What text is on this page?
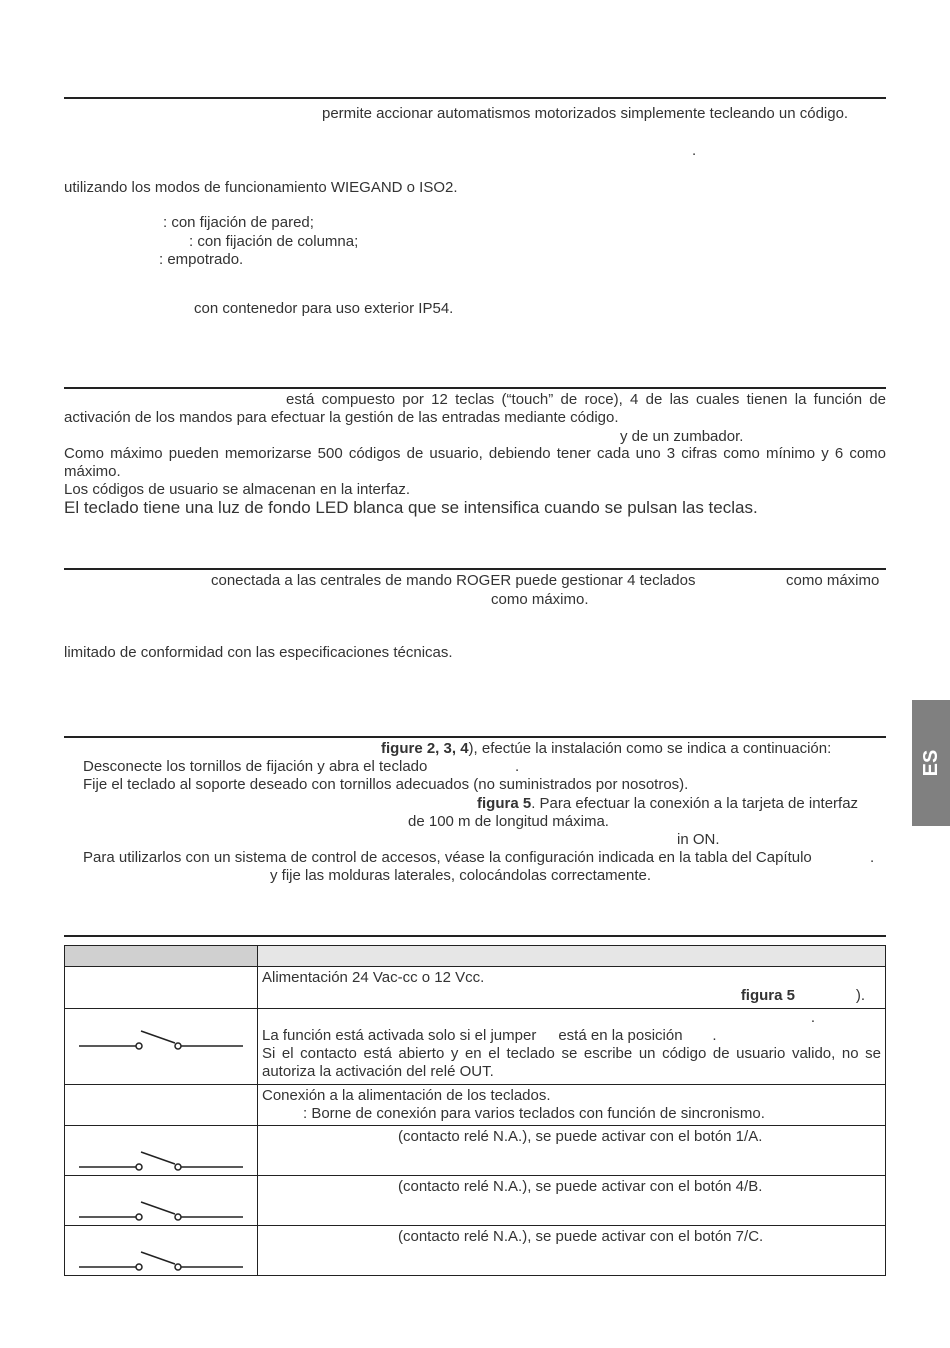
permite accionar automatismos motorizados simplemente tecleando un código.
.
utilizando los modos de funcionamiento WIEGAND o ISO2.
: con fijación de pared;
: con fijación de columna;
: empotrado.
con contenedor para uso exterior IP54.
está compuesto por 12 teclas (“touch” de roce), 4 de las cuales tienen la función de
activación de los mandos para efectuar la gestión de las entradas mediante código.
y de un zumbador.
Como máximo pueden memorizarse 500 códigos de usuario, debiendo tener cada uno 3 cifras como mínimo y 6 como
máximo.
Los códigos de usuario se almacenan en la interfaz.
El teclado tiene una luz de fondo LED blanca que se intensifica cuando se pulsan las teclas.
conectada a las centrales de mando ROGER puede gestionar 4 teclados	como máximo
como máximo.
limitado de conformidad con las especificaciones técnicas.
figure 2, 3, 4), efectúe la instalación como se indica a continuación:
Desconecte los tornillos de fijación y abra el teclado	.
Fije el teclado al soporte deseado con tornillos adecuados (no suministrados por nosotros).
figura 5. Para efectuar la conexión a la tarjeta de interfaz
de 100 m de longitud máxima.
in ON.
Para utilizarlos con un sistema de control de accesos, véase la configuración indicada en la tabla del Capítulo	.
y fije las molduras laterales, colocándolas correctamente.

	Alimentación 24 Vac-cc o 12 Vcc.
figura 5 ).

.
La función está activada solo si el jumper está en la posición .
Si el contacto está abierto y en el teclado se escribe un código de usuario valido, no se
autoriza la activación del relé OUT.

	Conexión a la alimentación de los teclados.
: Borne de conexión para varios teclados con función de sincronismo.

(contacto relé N.A.), se puede activar con el botón 1/A.

(contacto relé N.A.), se puede activar con el botón 4/B.

(contacto relé N.A.), se puede activar con el botón 7/C.
ES
